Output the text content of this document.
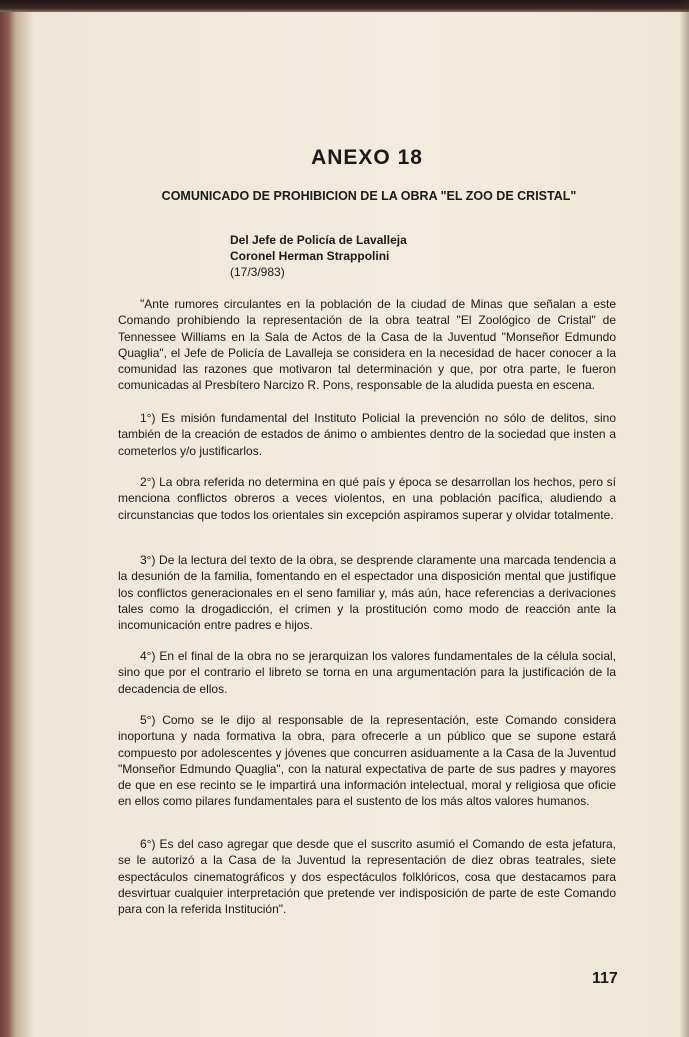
ANEXO 18
COMUNICADO DE PROHIBICION DE LA OBRA "EL ZOO DE CRISTAL"
Del Jefe de Policía de Lavalleja
Coronel Herman Strappolini
(17/3/983)

"Ante rumores circulantes en la población de la ciudad de Minas que señalan a este Comando prohibiendo la representación de la obra teatral "El Zoológico de Cristal" de Tennessee Williams en la Sala de Actos de la Casa de la Juventud "Monseñor Edmundo Quaglia", el Jefe de Policía de Lavalleja se considera en la necesidad de hacer conocer a la comunidad las razones que motivaron tal determinación y que, por otra parte, le fueron comunicadas al Presbítero Narcizo R. Pons, responsable de la aludida puesta en escena.

1°) Es misión fundamental del Instituto Policial la prevención no sólo de delitos, sino también de la creación de estados de ánimo o ambientes dentro de la sociedad que insten a cometerlos y/o justificarlos.

2°) La obra referida no determina en qué país y época se desarrollan los hechos, pero sí menciona conflictos obreros a veces violentos, en una población pacífica, aludiendo a circunstancias que todos los orientales sin excepción aspiramos superar y olvidar totalmente.

3°) De la lectura del texto de la obra, se desprende claramente una marcada tendencia a la desunión de la familia, fomentando en el espectador una disposición mental que justifique los conflictos generacionales en el seno familiar y, más aún, hace referencias a derivaciones tales como la drogadicción, el crimen y la prostitución como modo de reacción ante la incomunicación entre padres e hijos.

4°) En el final de la obra no se jerarquizan los valores fundamentales de la célula social, sino que por el contrario el libreto se torna en una argumentación para la justificación de la decadencia de ellos.

5°) Como se le dijo al responsable de la representación, este Comando considera inoportuna y nada formativa la obra, para ofrecerle a un público que se supone estará compuesto por adolescentes y jóvenes que concurren asiduamente a la Casa de la Juventud "Monseñor Edmundo Quaglia", con la natural expectativa de parte de sus padres y mayores de que en ese recinto se le impartirá una información intelectual, moral y religiosa que oficie en ellos como pilares fundamentales para el sustento de los más altos valores humanos.

6°) Es del caso agregar que desde que el suscrito asumió el Comando de esta jefatura, se le autorizó a la Casa de la Juventud la representación de diez obras teatrales, siete espectáculos cinematográficos y dos espectáculos folklóricos, cosa que destacamos para desvirtuar cualquier interpretación que pretende ver indisposición de parte de este Comando para con la referida Institución".

117
